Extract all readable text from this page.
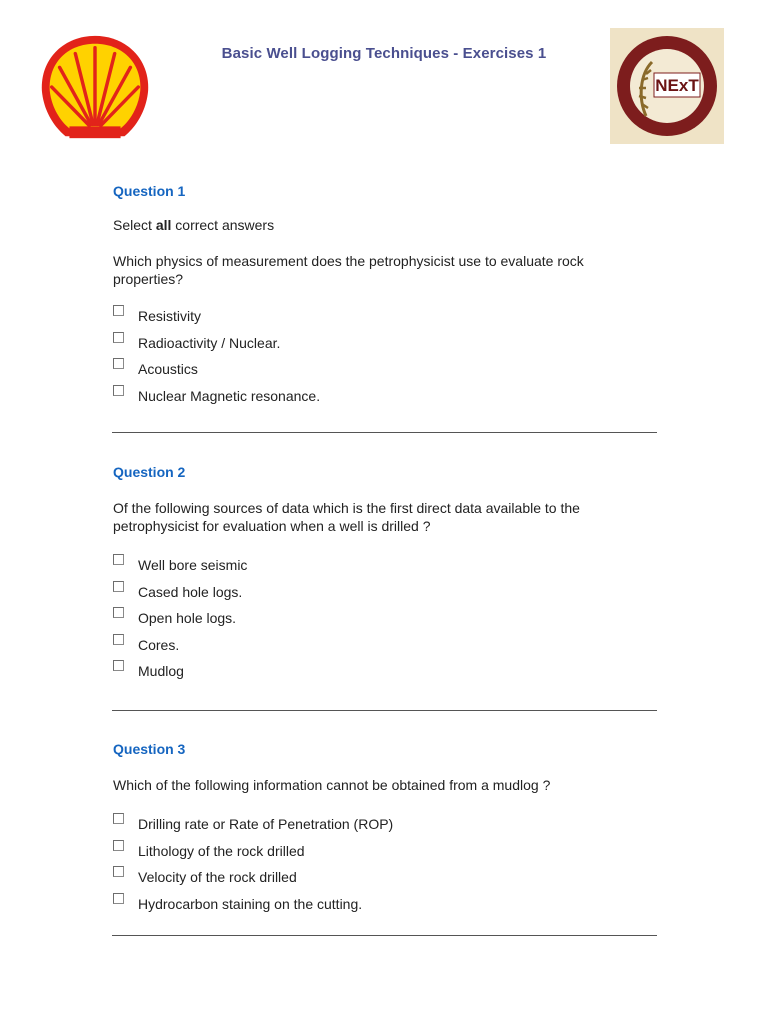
Basic Well Logging Techniques - Exercises 1
NExT

Question 1

Select all correct answers

Which physics of measurement does the petrophysicist use to evaluate rock properties?

Resistivity
Radioactivity / Nuclear.
Acoustics
Nuclear Magnetic resonance.

Question 2

Of the following sources of data which is the first direct data available to the petrophysicist for evaluation when a well is drilled ?

Well bore seismic
Cased hole logs.
Open hole logs.
Cores.
Mudlog

Question 3

Which of the following information cannot be obtained from a mudlog ?

Drilling rate or Rate of Penetration (ROP)
Lithology of the rock drilled
Velocity of the rock drilled
Hydrocarbon staining on the cutting.
